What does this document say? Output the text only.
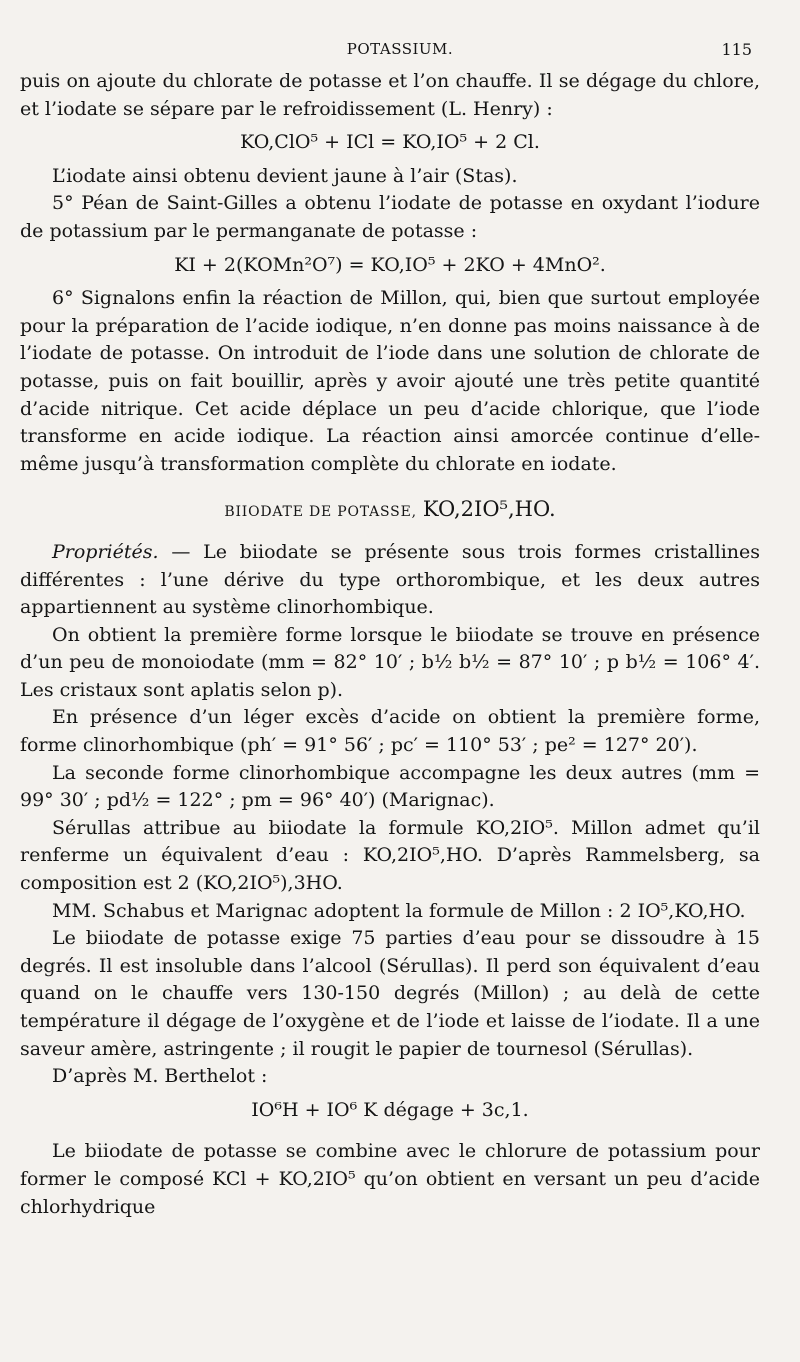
POTASSIUM.	115

puis on ajoute du chlorate de potasse et l’on chauffe. Il se dégage du chlore, et l’iodate se sépare par le refroidissement (L. Henry) :

KO,ClO⁵ + ICl = KO,IO⁵ + 2 Cl.

L’iodate ainsi obtenu devient jaune à l’air (Stas).

5° Péan de Saint-Gilles a obtenu l’iodate de potasse en oxydant l’iodure de potassium par le permanganate de potasse :

KI + 2(KOMn²O⁷) = KO,IO⁵ + 2KO + 4MnO².

6° Signalons enfin la réaction de Millon, qui, bien que surtout employée pour la préparation de l’acide iodique, n’en donne pas moins naissance à de l’iodate de potasse. On introduit de l’iode dans une solution de chlorate de potasse, puis on fait bouillir, après y avoir ajouté une très petite quantité d’acide nitrique. Cet acide déplace un peu d’acide chlorique, que l’iode transforme en acide iodique. La réaction ainsi amorcée continue d’elle-même jusqu’à transformation complète du chlorate en iodate.

BIIODATE DE POTASSE, KO,2IO⁵,HO.

Propriétés. — Le biiodate se présente sous trois formes cristallines différentes : l’une dérive du type orthorombique, et les deux autres appartiennent au système clinorhombique.

On obtient la première forme lorsque le biiodate se trouve en présence d’un peu de monoiodate (mm = 82° 10′ ; b½ b½ = 87° 10′ ; p b½ = 106° 4′. Les cristaux sont aplatis selon p).

En présence d’un léger excès d’acide on obtient la première forme, forme clinorhombique (ph′ = 91° 56′ ; pc′ = 110° 53′ ; pe² = 127° 20′).

La seconde forme clinorhombique accompagne les deux autres (mm = 99° 30′ ; pd½ = 122° ; pm = 96° 40′) (Marignac).

Sérullas attribue au biiodate la formule KO,2IO⁵. Millon admet qu’il renferme un équivalent d’eau : KO,2IO⁵,HO. D’après Rammelsberg, sa composition est 2 (KO,2IO⁵),3HO.

MM. Schabus et Marignac adoptent la formule de Millon : 2 IO⁵,KO,HO.

Le biiodate de potasse exige 75 parties d’eau pour se dissoudre à 15 degrés. Il est insoluble dans l’alcool (Sérullas). Il perd son équivalent d’eau quand on le chauffe vers 130-150 degrés (Millon) ; au delà de cette température il dégage de l’oxygène et de l’iode et laisse de l’iodate. Il a une saveur amère, astringente ; il rougit le papier de tournesol (Sérullas).

D’après M. Berthelot :

IO⁶H + IO⁶ K dégage + 3c,1.

Le biiodate de potasse se combine avec le chlorure de potassium pour former le composé KCl + KO,2IO⁵ qu’on obtient en versant un peu d’acide chlorhydrique
